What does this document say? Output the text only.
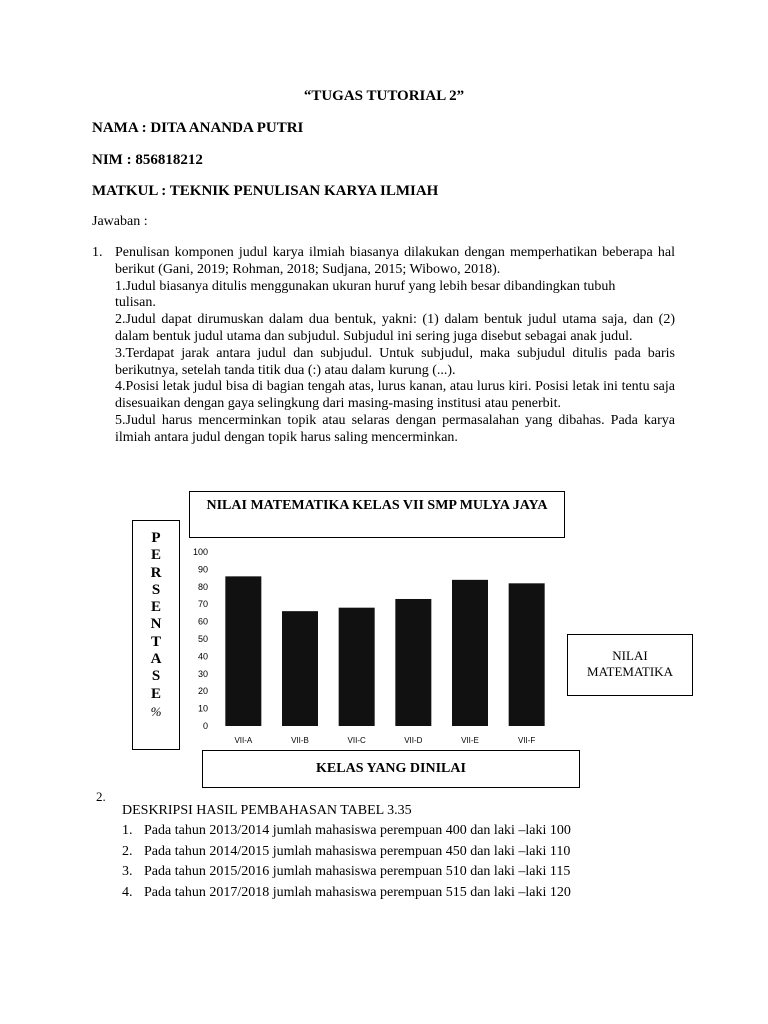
“TUGAS TUTORIAL 2”
NAMA : DITA ANANDA PUTRI
NIM : 856818212
MATKUL : TEKNIK PENULISAN KARYA ILMIAH
Jawaban :
1. Penulisan komponen judul karya ilmiah biasanya dilakukan dengan memperhatikan beberapa hal berikut (Gani, 2019; Rohman, 2018; Sudjana, 2015; Wibowo, 2018).
1.Judul biasanya ditulis menggunakan ukuran huruf yang lebih besar dibandingkan tubuh tulisan.
2.Judul dapat dirumuskan dalam dua bentuk, yakni: (1) dalam bentuk judul utama saja, dan (2) dalam bentuk judul utama dan subjudul. Subjudul ini sering juga disebut sebagai anak judul.
3.Terdapat jarak antara judul dan subjudul. Untuk subjudul, maka subjudul ditulis pada baris berikutnya, setelah tanda titik dua (:) atau dalam kurung (...).
4.Posisi letak judul bisa di bagian tengah atas, lurus kanan, atau lurus kiri. Posisi letak ini tentu saja disesuaikan dengan gaya selingkung dari masing-masing institusi atau penerbit.
5.Judul harus mencerminkan topik atau selaras dengan permasalahan yang dibahas. Pada karya ilmiah antara judul dengan topik harus saling mencerminkan.
0
10
20
30
40
50
60
70
80
90
100
VII-A	VII-B	VII-C	VII-D	VII-E	VII-F
NILAI MATEMATIKA KELAS VII SMP MULYA JAYA
P
E
R
S
E
N
T
A
S
E
%
NILAI MATEMATIKA
KELAS YANG DINILAI
2.
DESKRIPSI HASIL PEMBAHASAN TABEL 3.35
1. Pada tahun 2013/2014 jumlah mahasiswa perempuan 400 dan laki –laki 100
2. Pada tahun 2014/2015 jumlah mahasiswa perempuan 450 dan laki –laki 110
3. Pada tahun 2015/2016 jumlah mahasiswa perempuan 510 dan laki –laki 115
4. Pada tahun 2017/2018 jumlah mahasiswa perempuan 515 dan laki –laki 120
